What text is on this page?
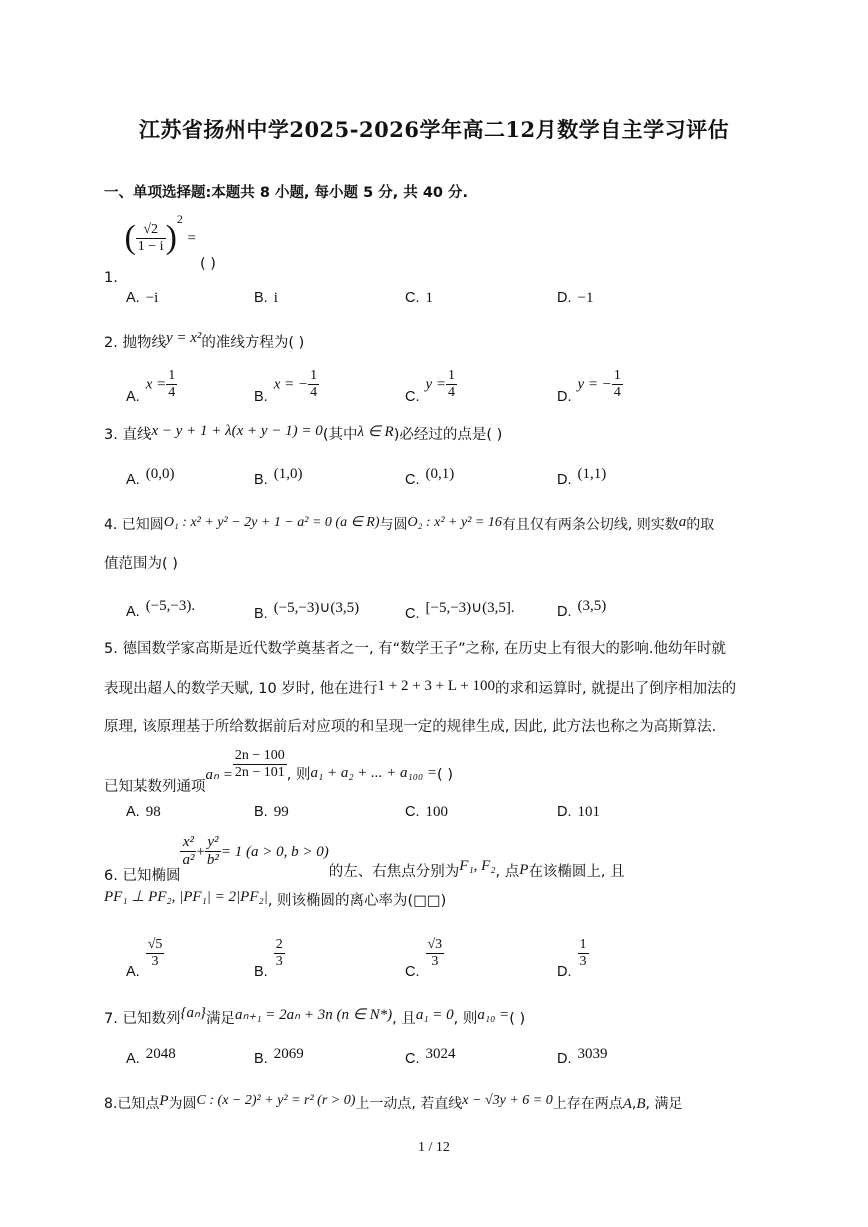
江苏省扬州中学2025-2026学年高二12月数学自主学习评估
一、单项选择题:本题共 8 小题, 每小题 5 分, 共 40 分.
1. ( $\frac{√2}{1 - i} )^2$ =
( )
A. −i	B. i	C. 1	D. −1
2. 抛物线y = x²的准线方程为( )
$A.x = \frac{1}{4}$	B.x = − $\frac{1}{4}$	$C.y = \frac{1}{4}$	D.y = − $\frac{1}{4}$
3. 直线x − y + 1 + λ(x + y − 1) = 0(其中λ ∈ R)必经过的点是( )
A. (0,0)	B. (1,0)	C. (0,1)	D. (1,1)
4. 已知圆O₁ : x² + y² − 2y + 1 − a² = 0 (a ∈ R)与圆O₂ : x² + y² = 16有且仅有两条公切线, 则实数a的取
值范围为( )
A. (−5,−3).	B. (−5,−3)∪(3,5)	C. [−5,−3)∪(3,5].	D. (3,5)
5. 德国数学家高斯是近代数学奠基者之一, 有“数学王子”之称, 在历史上有很大的影响.他幼年时就
表现出超人的数学天赋, 10 岁时, 他在进行1 + 2 + 3 + L + 100的求和运算时, 就提出了倒序相加法的
原理, 该原理基于所给数据前后对应项的和呈现一定的规律生成, 因此, 此方法也称之为高斯算法.
已知某数列通项$a_n = \frac{2n - 100}{2n - 101}$ , 则a₁ + a₂ + ... + a₁₀₀ =( )
A. 98	B. 99	C. 100	D. 101
6. 已知椭圆
$\frac{\text{x²}}{\text{a²}} + \frac{\text{y²}}{\text{b²}} = 1$ (a > 0, b > 0)的左、右焦点分别为F₁, F₂, 点P在该椭圆上, 且
PF₁ ⊥ PF₂, |PF₁| = 2|PF₂|, 则该椭圆的离心率为(□□)
A.
$\frac{√5}{3}$
B.
$\frac{2}{3}$
C.
$\frac{√3}{3}$
D.
$\frac{1}{3}$
7. 已知数列{aₙ}满足aₙ₊₁ = 2aₙ + 3n (n ∈ N*), 且a₁ = 0, 则a₁₀ =( )
A. 2048	B. 2069	C. 3024	D. 3039
8.已知点P为圆C : (x − 2)² + y² = r² (r > 0)上一动点, 若直线x − √3y + 6 = 0上存在两点A,B, 满足
1 / 12
